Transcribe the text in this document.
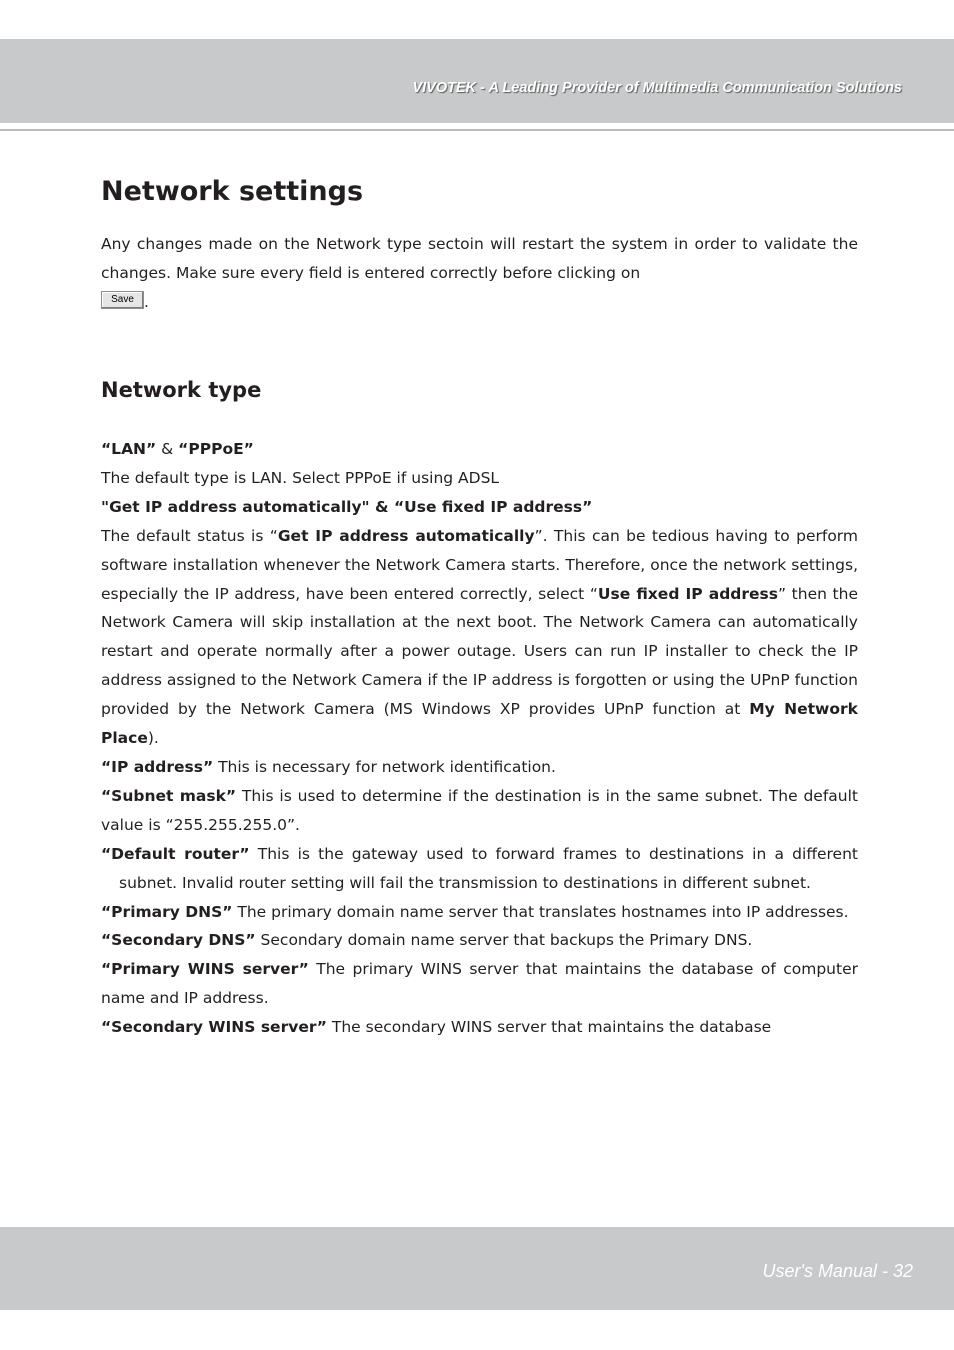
VIVOTEK - A Leading Provider of Multimedia Communication Solutions
Network settings

Any changes made on the Network type sectoin will restart the system in order to validate the changes. Make sure every field is entered correctly before clicking on
Save .

Network type

“LAN” & “PPPoE”

The default type is LAN. Select PPPoE if using ADSL

"Get IP address automatically" & “Use fixed IP address”

The default status is “Get IP address automatically”. This can be tedious having to perform software installation whenever the Network Camera starts. Therefore, once the network settings, especially the IP address, have been entered correctly, select “Use fixed IP address” then the Network Camera will skip installation at the next boot. The Network Camera can automatically restart and operate normally after a power outage. Users can run IP installer to check the IP address assigned to the Network Camera if the IP address is forgotten or using the UPnP function provided by the Network Camera (MS Windows XP provides UPnP function at My Network Place).

“IP address” This is necessary for network identification.

“Subnet mask” This is used to determine if the destination is in the same subnet. The default value is “255.255.255.0”.

“Default router” This is the gateway used to forward frames to destinations in a different subnet. Invalid router setting will fail the transmission to destinations in different subnet.

“Primary DNS” The primary domain name server that translates hostnames into IP addresses.

“Secondary DNS” Secondary domain name server that backups the Primary DNS.

“Primary WINS server” The primary WINS server that maintains the database of computer name and IP address.

“Secondary WINS server” The secondary WINS server that maintains the database

User's Manual - 32
